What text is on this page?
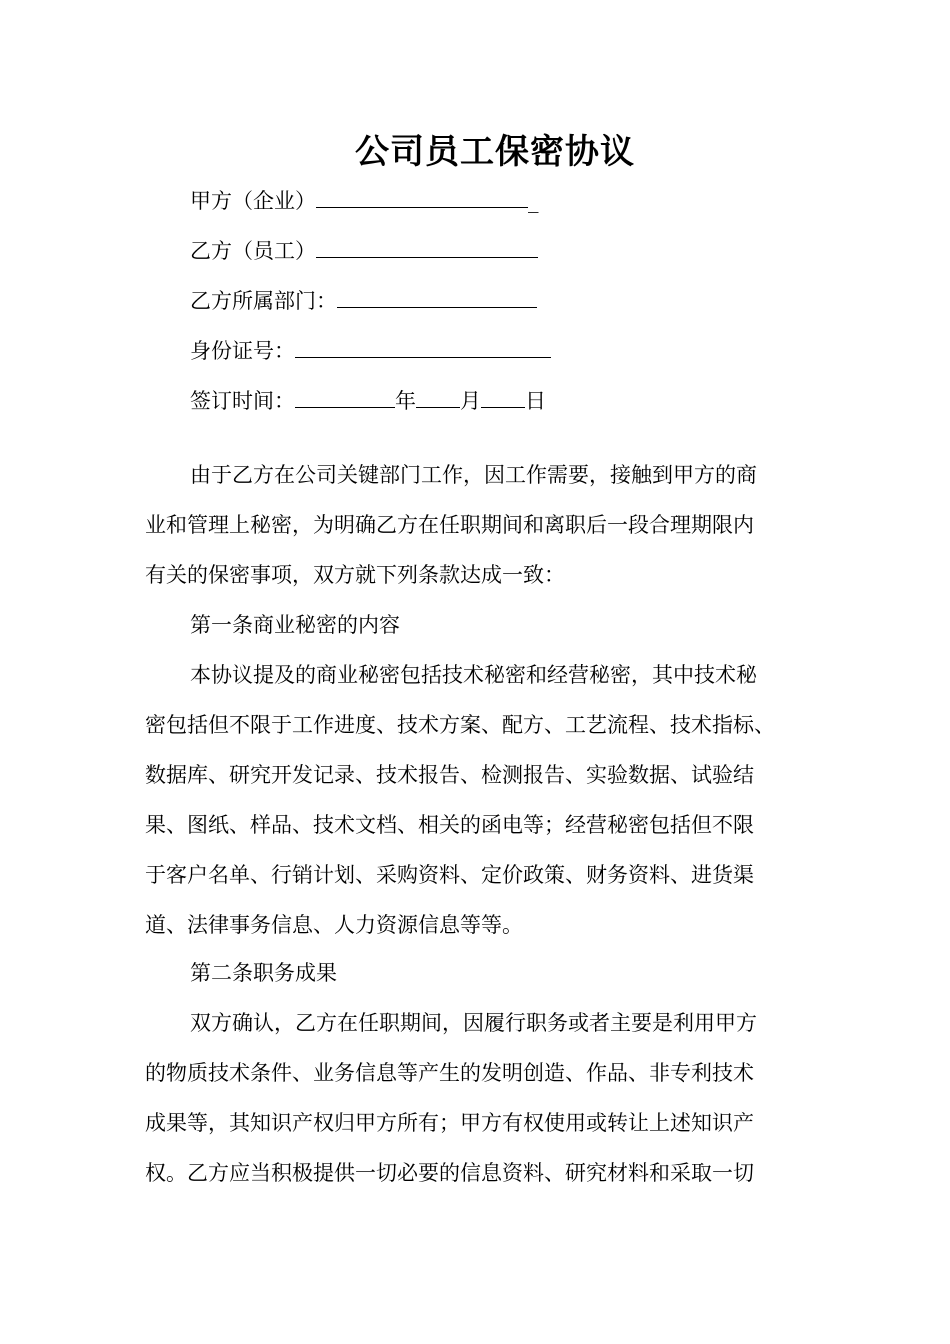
公司员工保密协议
甲方（企业）	_
乙方（员工）
乙方所属部门：
身份证号：
签订时间：	年 月 日
由于乙方在公司关键部门工作，因工作需要，接触到甲方的商
业和管理上秘密，为明确乙方在任职期间和离职后一段合理期限内
有关的保密事项，双方就下列条款达成一致：
第一条商业秘密的内容
本协议提及的商业秘密包括技术秘密和经营秘密，其中技术秘
密包括但不限于工作进度、技术方案、配方、工艺流程、技术指标、
数据库、研究开发记录、技术报告、检测报告、实验数据、试验结
果、图纸、样品、技术文档、相关的函电等；经营秘密包括但不限
于客户名单、行销计划、采购资料、定价政策、财务资料、进货渠
道、法律事务信息、人力资源信息等等。
第二条职务成果
双方确认，乙方在任职期间，因履行职务或者主要是利用甲方
的物质技术条件、业务信息等产生的发明创造、作品、非专利技术
成果等，其知识产权归甲方所有；甲方有权使用或转让上述知识产
权。乙方应当积极提供一切必要的信息资料、研究材料和采取一切
